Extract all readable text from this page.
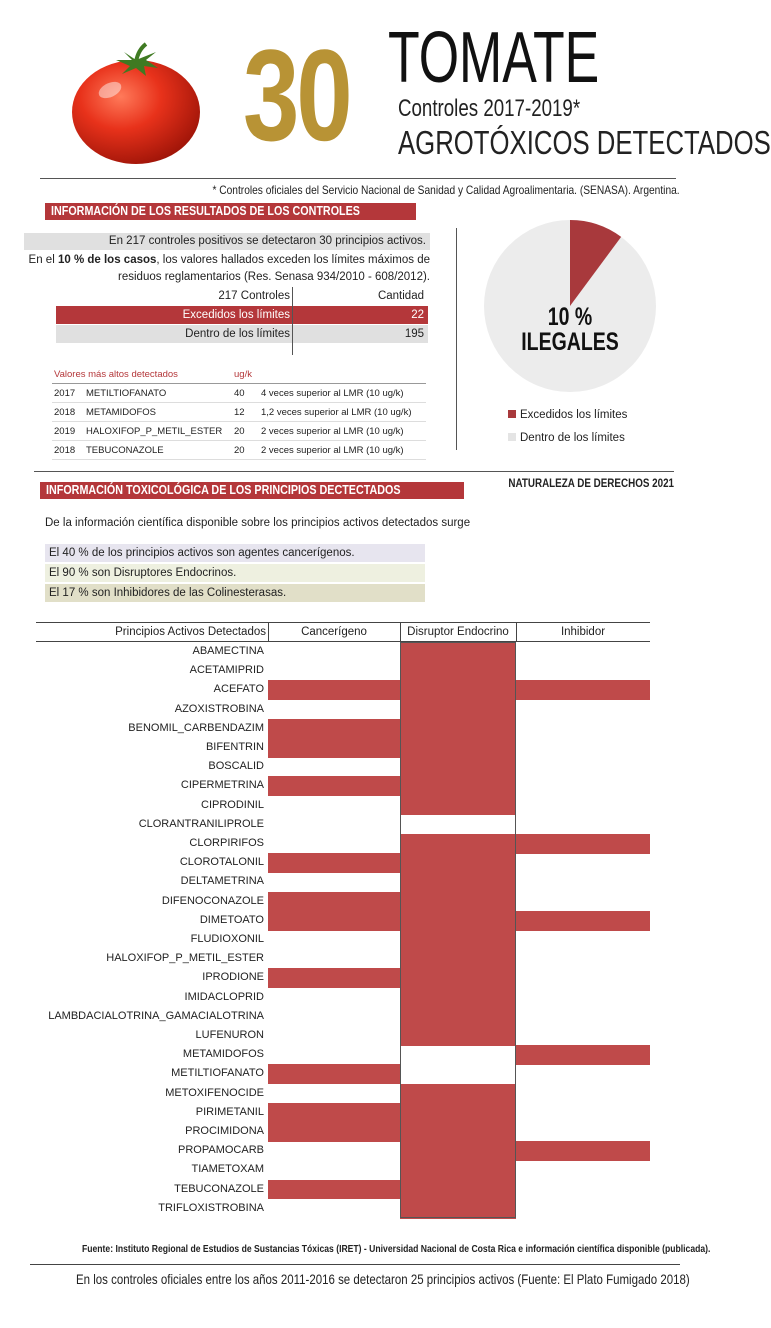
30 TOMATE
Controles 2017-2019*
AGROTÓXICOS DETECTADOS
* Controles oficiales del Servicio Nacional de Sanidad y Calidad Agroalimentaria. (SENASA). Argentina.
INFORMACIÓN DE LOS RESULTADOS DE LOS CONTROLES
En 217 controles positivos se detectaron 30 principios activos.
En el 10 % de los casos, los valores hallados exceden los límites máximos de
residuos reglamentarios (Res. Senasa 934/2010 - 608/2012).
217 Controles	Cantidad
Excedidos los límites	22
Dentro de los límites	195
Valores más altos detectados	ug/k
2017 METILTIOFANATO	40 4 veces superior al LMR (10 ug/k)
2018 METAMIDOFOS	12 1,2 veces superior al LMR (10 ug/k)
2019 HALOXIFOP_P_METIL_ESTER 20 2 veces superior al LMR (10 ug/k)
2018 TEBUCONAZOLE	20 2 veces superior al LMR (10 ug/k)
10 %
ILEGALES
Excedidos los límites
Dentro de los límites
NATURALEZA DE DERECHOS 2021
INFORMACIÓN TOXICOLÓGICA DE LOS PRINCIPIOS DECTECTADOS
De la información científica disponible sobre los principios activos detectados surge
El 40 % de los principios activos son agentes cancerígenos.
El 90 % son Disruptores Endocrinos.
El 17 % son Inhibidores de las Colinesterasas.
Principios Activos Detectados	Cancerígeno	Disruptor Endocrino	Inhibidor
ABAMECTINA
ACETAMIPRID
ACEFATO
AZOXISTROBINA
BENOMIL_CARBENDAZIM
BIFENTRIN
BOSCALID
CIPERMETRINA
CIPRODINIL
CLORANTRANILIPROLE
CLORPIRIFOS
CLOROTALONIL
DELTAMETRINA
DIFENOCONAZOLE
DIMETOATO
FLUDIOXONIL
HALOXIFOP_P_METIL_ESTER
IPRODIONE
IMIDACLOPRID
LAMBDACIALOTRINA_GAMACIALOTRINA
LUFENURON
METAMIDOFOS
METILTIOFANATO
METOXIFENOCIDE
PIRIMETANIL
PROCIMIDONA
PROPAMOCARB
TIAMETOXAM
TEBUCONAZOLE
TRIFLOXISTROBINA
Fuente: Instituto Regional de Estudios de Sustancias Tóxicas (IRET) - Universidad Nacional de Costa Rica e información científica disponible (publicada).
En los controles oficiales entre los años 2011-2016 se detectaron 25 principios activos (Fuente: El Plato Fumigado 2018)
